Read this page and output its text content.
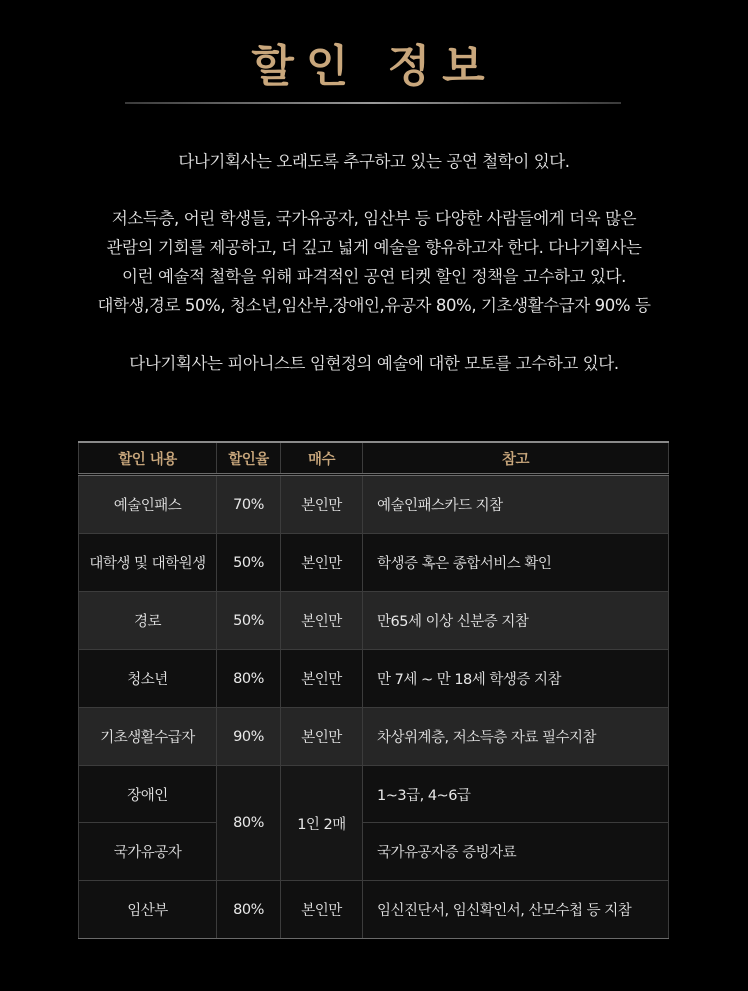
할인 정보
다나기획사는 오래도록 추구하고 있는 공연 철학이 있다.
저소득층, 어린 학생들, 국가유공자, 임산부 등 다양한 사람들에게 더욱 많은
관람의 기회를 제공하고, 더 깊고 넓게 예술을 향유하고자 한다. 다나기획사는
이런 예술적 철학을 위해 파격적인 공연 티켓 할인 정책을 고수하고 있다.
대학생,경로 50%, 청소년,임산부,장애인,유공자 80%, 기초생활수급자 90% 등
다나기획사는 피아니스트 임현정의 예술에 대한 모토를 고수하고 있다.
할인 내용	할인율	매수	참고
예술인패스	70%	본인만	예술인패스카드 지참
대학생 및 대학원생	50%	본인만	학생증 혹은 종합서비스 확인
경로	50%	본인만	만65세 이상 신분증 지참
청소년	80%	본인만	만 7세 ~ 만 18세 학생증 지참
기초생활수급자	90%	본인만	차상위계층, 저소득층 자료 필수지참
장애인	80%	1인 2매	1~3급, 4~6급
국가유공자			국가유공자증 증빙자료
임산부	80%	본인만	임신진단서, 임신확인서, 산모수첩 등 지참
